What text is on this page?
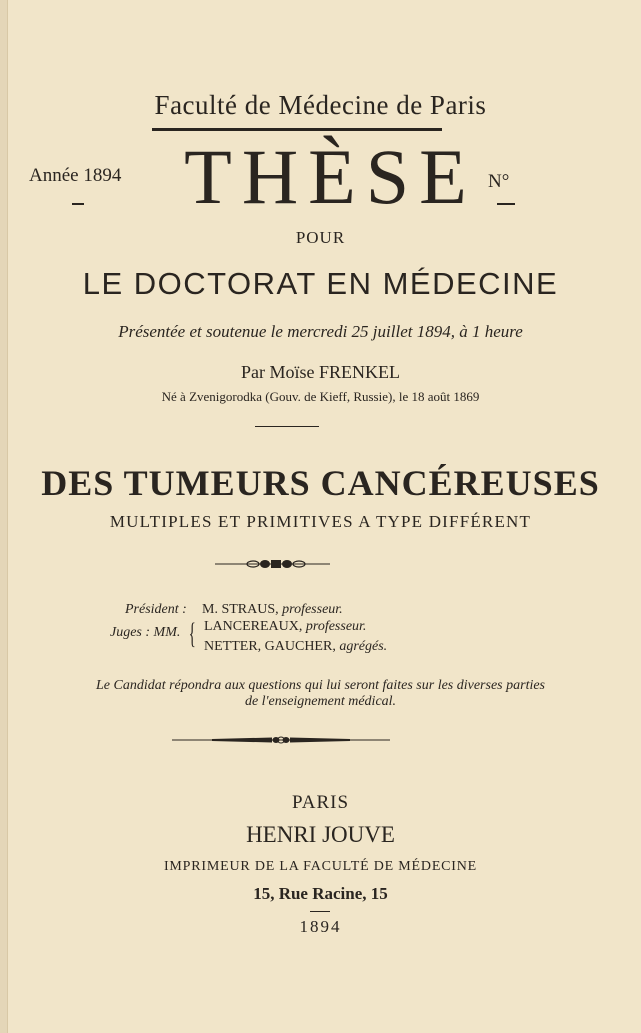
Faculté de Médecine de Paris
Année 1894 THÈSE N°
POUR
LE DOCTORAT EN MÉDECINE
Présentée et soutenue le mercredi 25 juillet 1894, à 1 heure
Par Moïse FRENKEL
Né à Zvenigorodka (Gouv. de Kieff, Russie), le 18 août 1869
DES TUMEURS CANCÉREUSES
MULTIPLES ET PRIMITIVES A TYPE DIFFÉRENT
Président : M. STRAUS, professeur.
Juges : MM. { LANCEREAUX, professeur.
NETTER, GAUCHER, agrégés.
Le Candidat répondra aux questions qui lui seront faites sur les diverses parties
de l'enseignement médical.
PARIS
HENRI JOUVE
IMPRIMEUR DE LA FACULTÉ DE MÉDECINE
15, Rue Racine, 15
1894
